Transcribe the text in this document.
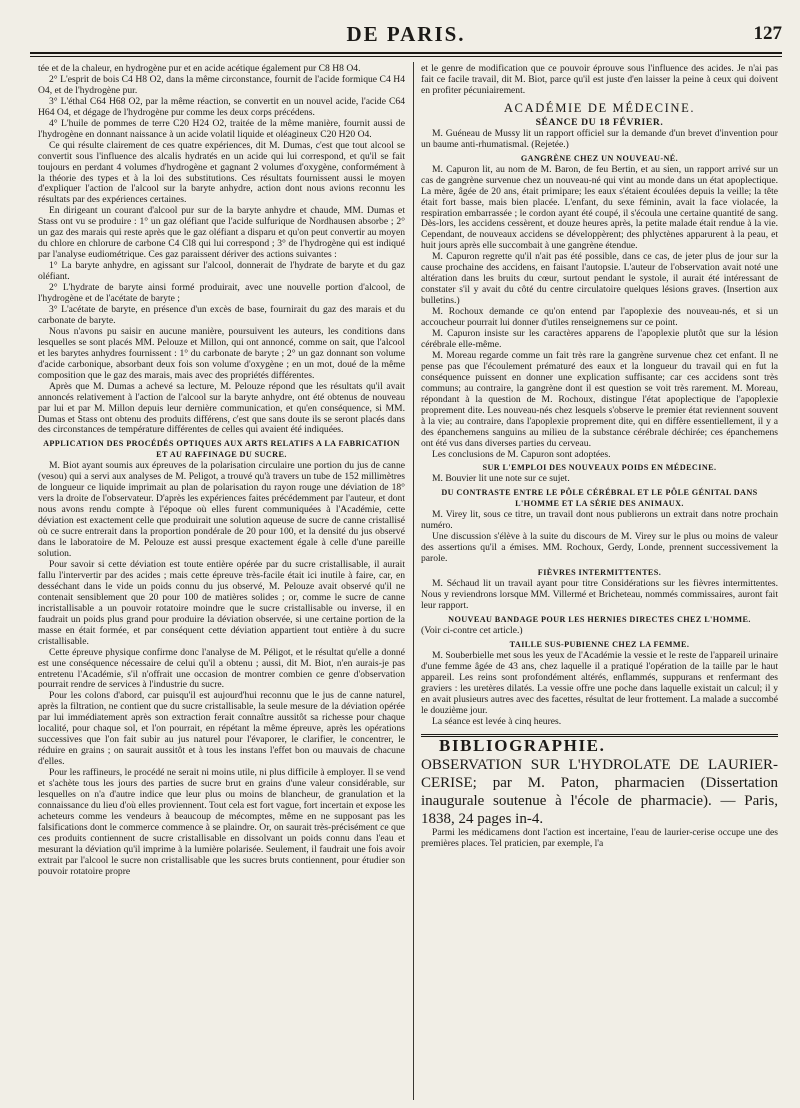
DE PARIS.	127

tée et de la chaleur, en hydrogène pur et en acide acétique également pur C8 H8 O4.

2° L'esprit de bois C4 H8 O2, dans la même circonstance, fournit de l'acide formique C4 H4 O4, et de l'hydrogène pur.

3° L'éthal C64 H68 O2, par la même réaction, se convertit en un nouvel acide, l'acide C64 H64 O4, et dégage de l'hydrogène pur comme les deux corps précédens.

4° L'huile de pommes de terre C20 H24 O2, traitée de la même manière, fournit aussi de l'hydrogène en donnant naissance à un acide volatil liquide et oléagineux C20 H20 O4.

Ce qui résulte clairement de ces quatre expériences, dit M. Dumas, c'est que tout alcool se convertit sous l'influence des alcalis hydratés en un acide qui lui correspond, et qu'il se fait toujours en perdant 4 volumes d'hydrogène et gagnant 2 volumes d'oxygène, conformément à la théorie des types et à la loi des substitutions. Ces résultats fournissent aussi le moyen d'expliquer l'action de l'alcool sur la baryte anhydre, action dont nous avions reconnu les résultats par des expériences certaines.

En dirigeant un courant d'alcool pur sur de la baryte anhydre et chaude, MM. Dumas et Stass ont vu se produire : 1° un gaz oléfiant que l'acide sulfurique de Nordhausen absorbe ; 2° un gaz des marais qui reste après que le gaz oléfiant a disparu et qu'on peut convertir au moyen du chlore en chlorure de carbone C4 Cl8 qui lui correspond ; 3° de l'hydrogène qui est indiqué par l'analyse eudiométrique. Ces gaz paraissent dériver des actions suivantes :

1° La baryte anhydre, en agissant sur l'alcool, donnerait de l'hydrate de baryte et du gaz oléfiant.

2° L'hydrate de baryte ainsi formé produirait, avec une nouvelle portion d'alcool, de l'hydrogène et de l'acétate de baryte ;

3° L'acétate de baryte, en présence d'un excès de base, fournirait du gaz des marais et du carbonate de baryte.

Nous n'avons pu saisir en aucune manière, poursuivent les auteurs, les conditions dans lesquelles se sont placés MM. Pelouze et Millon, qui ont annoncé, comme on sait, que l'alcool et les barytes anhydres fournissent : 1° du carbonate de baryte ; 2° un gaz donnant son volume d'acide carbonique, absorbant deux fois son volume d'oxygène ; en un mot, doué de la même composition que le gaz des marais, mais avec des propriétés différentes.

Après que M. Dumas a achevé sa lecture, M. Pelouze répond que les résultats qu'il avait annoncés relativement à l'action de l'alcool sur la baryte anhydre, ont été obtenus de nouveau par lui et par M. Millon depuis leur dernière communication, et qu'en conséquence, si MM. Dumas et Stass ont obtenu des produits différens, c'est que sans doute ils se seront placés dans des circonstances de température différentes de celles qui avaient été indiquées.

APPLICATION DES PROCÉDÉS OPTIQUES AUX ARTS RELATIFS A LA FABRICATION ET AU RAFFINAGE DU SUCRE.

M. Biot ayant soumis aux épreuves de la polarisation circulaire une portion du jus de canne (vesou) qui a servi aux analyses de M. Peligot, a trouvé qu'à travers un tube de 152 millimètres de longueur ce liquide imprimait au plan de polarisation du rayon rouge une déviation de 18° vers la droite de l'observateur. D'après les expériences faites précédemment par l'auteur, et dont nous avons rendu compte à l'époque où elles furent communiquées à l'Académie, cette déviation est exactement celle que produirait une solution aqueuse de sucre de canne cristallisé où ce sucre entrerait dans la proportion pondérale de 20 pour 100, et la densité du jus observé dans le laboratoire de M. Pelouze est aussi presque exactement égale à celle d'une pareille solution.

Pour savoir si cette déviation est toute entière opérée par du sucre cristallisable, il aurait fallu l'intervertir par des acides ; mais cette épreuve très-facile était ici inutile à faire, car, en desséchant dans le vide un poids connu du jus observé, M. Pelouze avait observé qu'il ne contenait sensiblement que 20 pour 100 de matières solides ; or, comme le sucre de canne incristallisable a un pouvoir rotatoire moindre que le sucre cristallisable ou inverse, il en faudrait un poids plus grand pour produire la déviation observée, si une certaine portion de la masse en était formée, et par conséquent cette déviation appartient tout entière à du sucre cristallisable.

Cette épreuve physique confirme donc l'analyse de M. Péligot, et le résultat qu'elle a donné est une conséquence nécessaire de celui qu'il a obtenu ; aussi, dit M. Biot, n'en aurais-je pas entretenu l'Académie, s'il n'offrait une occasion de montrer combien ce genre d'observation pourrait rendre de services à l'industrie du sucre.

Pour les colons d'abord, car puisqu'il est aujourd'hui reconnu que le jus de canne naturel, après la filtration, ne contient que du sucre cristallisable, la seule mesure de la déviation opérée par lui immédiatement après son extraction ferait connaître aussitôt sa richesse pour chaque localité, pour chaque sol, et l'on pourrait, en répétant la même épreuve, après les opérations successives que l'on fait subir au jus naturel pour l'évaporer, le clarifier, le concentrer, le réduire en grains ; on saurait aussitôt et à tous les instans l'effet bon ou mauvais de chacune d'elles.

Pour les raffineurs, le procédé ne serait ni moins utile, ni plus difficile à employer. Il se vend et s'achète tous les jours des parties de sucre brut en grains d'une valeur considérable, sur lesquelles on n'a d'autre indice que leur plus ou moins de blancheur, de granulation et la connaissance du lieu d'où elles proviennent. Tout cela est fort vague, fort incertain et expose les acheteurs comme les vendeurs à beaucoup de mécomptes, même en ne supposant pas les falsifications dont le commerce commence à se plaindre. Or, on saurait très-précisément ce que ces produits contiennent de sucre cristallisable en dissolvant un poids connu dans l'eau et mesurant la déviation qu'il imprime à la lumière polarisée. Seulement, il faudrait une fois avoir extrait par l'alcool le sucre non cristallisable que les sucres bruts contiennent, pour étudier son pouvoir rotatoire propre

et le genre de modification que ce pouvoir éprouve sous l'influence des acides. Je n'ai pas fait ce facile travail, dit M. Biot, parce qu'il est juste d'en laisser la peine à ceux qui doivent en profiter pécuniairement.

ACADÉMIE DE MÉDECINE.
SÉANCE DU 18 FÉVRIER.

M. Guéneau de Mussy lit un rapport officiel sur la demande d'un brevet d'invention pour un baume anti-rhumatismal. (Rejetée.)

GANGRÈNE CHEZ UN NOUVEAU-NÉ.

M. Capuron lit, au nom de M. Baron, de feu Bertin, et au sien, un rapport arrivé sur un cas de gangrène survenue chez un nouveau-né qui vint au monde dans un état apoplectique. La mère, âgée de 20 ans, était primipare; les eaux s'étaient écoulées depuis la veille; la tête était fort basse, mais bien placée. L'enfant, du sexe féminin, avait la face violacée, la respiration embarrassée ; le cordon ayant été coupé, il s'écoula une certaine quantité de sang. Dès-lors, les accidens cessèrent, et douze heures après, la petite malade était rendue à la vie. Cependant, de nouveaux accidens se développèrent; des phlyctènes apparurent à la peau, et huit jours après elle succombait à une gangrène étendue.

M. Capuron regrette qu'il n'ait pas été possible, dans ce cas, de jeter plus de jour sur la cause prochaine des accidens, en faisant l'autopsie. L'auteur de l'observation avait noté une altération dans les bruits du cœur, surtout pendant le systole, il aurait été intéressant de constater s'il y avait du côté du centre circulatoire quelques lésions graves. (Insertion aux bulletins.)

M. Rochoux demande ce qu'on entend par l'apoplexie des nouveau-nés, et si un accoucheur pourrait lui donner d'utiles renseignemens sur ce point.

M. Capuron insiste sur les caractères apparens de l'apoplexie plutôt que sur la lésion cérébrale elle-même.

M. Moreau regarde comme un fait très rare la gangrène survenue chez cet enfant. Il ne pense pas que l'écoulement prématuré des eaux et la longueur du travail qui en fut la conséquence puissent en donner une explication suffisante; car ces accidens sont très communs; au contraire, la gangrène dont il est question se voit très rarement. M. Moreau, répondant à la question de M. Rochoux, distingue l'état apoplectique de l'apoplexie proprement dite. Les nouveau-nés chez lesquels s'observe le premier état reviennent souvent à la vie; au contraire, dans l'apoplexie proprement dite, qui en diffère essentiellement, il y a des épanchemens sanguins au milieu de la substance cérébrale déchirée; ces épanchemens ont été vus dans diverses parties du cerveau.

Les conclusions de M. Capuron sont adoptées.

SUR L'EMPLOI DES NOUVEAUX POIDS EN MÉDECINE.

M. Bouvier lit une note sur ce sujet.

DU CONTRASTE ENTRE LE PÔLE CÉRÉBRAL ET LE PÔLE GÉNITAL DANS L'HOMME ET LA SÉRIE DES ANIMAUX.

M. Virey lit, sous ce titre, un travail dont nous publierons un extrait dans notre prochain numéro.

Une discussion s'élève à la suite du discours de M. Virey sur le plus ou moins de valeur des assertions qu'il a émises. MM. Rochoux, Gerdy, Londe, prennent successivement la parole.

FIÈVRES INTERMITTENTES.

M. Séchaud lit un travail ayant pour titre Considérations sur les fièvres intermittentes. Nous y reviendrons lorsque MM. Villermé et Bricheteau, nommés commissaires, auront fait leur rapport.

NOUVEAU BANDAGE POUR LES HERNIES DIRECTES CHEZ L'HOMME.

(Voir ci-contre cet article.)

TAILLE SUS-PUBIENNE CHEZ LA FEMME.

M. Souberbielle met sous les yeux de l'Académie la vessie et le reste de l'appareil urinaire d'une femme âgée de 43 ans, chez laquelle il a pratiqué l'opération de la taille par le haut appareil. Les reins sont profondément altérés, enflammés, suppurans et renfermant des graviers : les uretères dilatés. La vessie offre une poche dans laquelle existait un calcul; il y en avait plusieurs autres avec des facettes, résultat de leur frottement. La malade a succombé le douzième jour.

La séance est levée à cinq heures.

BIBLIOGRAPHIE.

OBSERVATION SUR L'HYDROLATE DE LAURIER-CERISE; par M. Paton, pharmacien (Dissertation inaugurale soutenue à l'école de pharmacie). — Paris, 1838, 24 pages in-4.

Parmi les médicamens dont l'action est incertaine, l'eau de laurier-cerise occupe une des premières places. Tel praticien, par exemple, l'a
